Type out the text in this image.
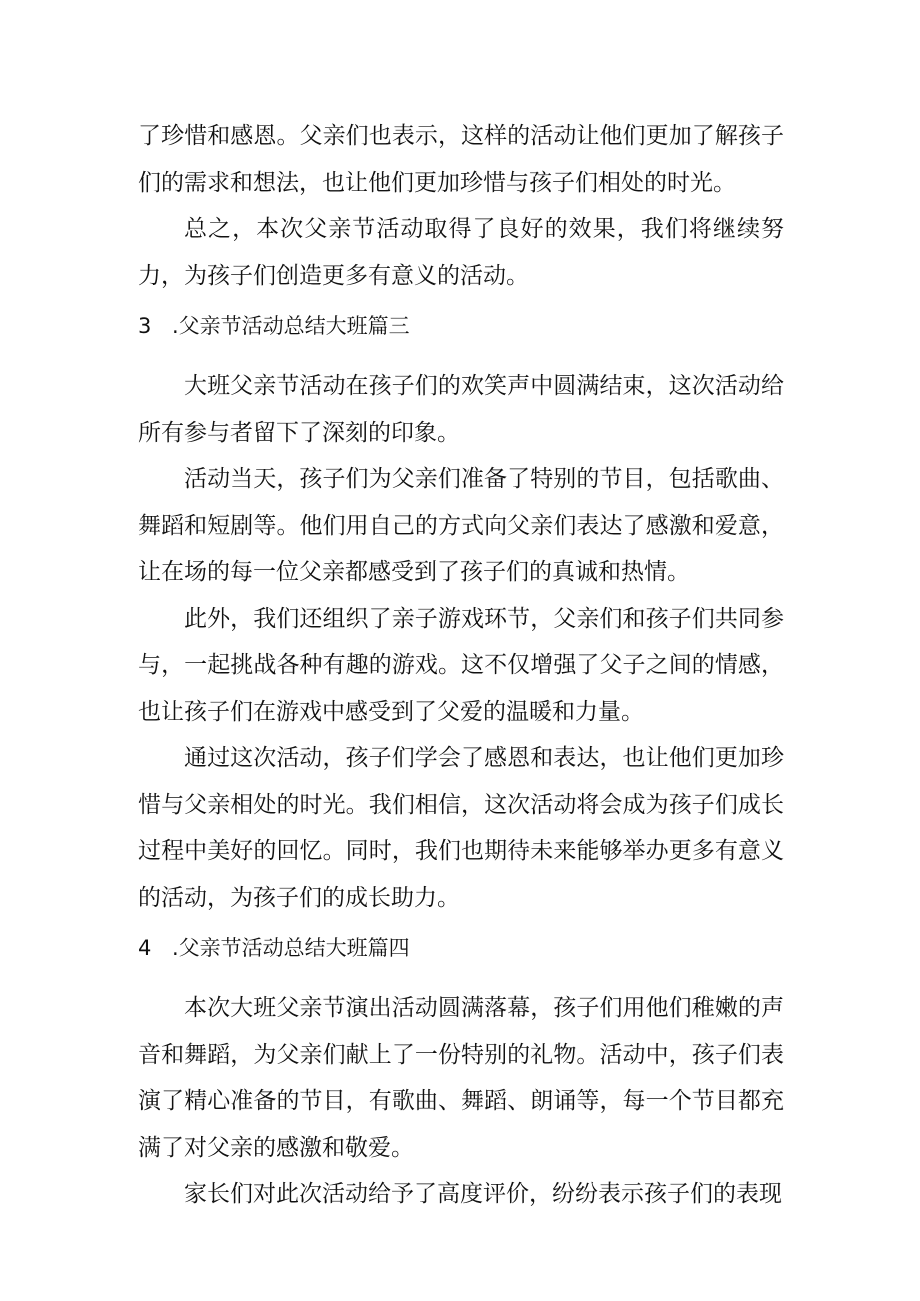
了珍惜和感恩。父亲们也表示，这样的活动让他们更加了解孩子们的需求和想法，也让他们更加珍惜与孩子们相处的时光。

总之，本次父亲节活动取得了良好的效果，我们将继续努力，为孩子们创造更多有意义的活动。

3 .父亲节活动总结大班篇三

大班父亲节活动在孩子们的欢笑声中圆满结束，这次活动给所有参与者留下了深刻的印象。

活动当天，孩子们为父亲们准备了特别的节目，包括歌曲、舞蹈和短剧等。他们用自己的方式向父亲们表达了感激和爱意，让在场的每一位父亲都感受到了孩子们的真诚和热情。

此外，我们还组织了亲子游戏环节，父亲们和孩子们共同参与，一起挑战各种有趣的游戏。这不仅增强了父子之间的情感，也让孩子们在游戏中感受到了父爱的温暖和力量。

通过这次活动，孩子们学会了感恩和表达，也让他们更加珍惜与父亲相处的时光。我们相信，这次活动将会成为孩子们成长过程中美好的回忆。同时，我们也期待未来能够举办更多有意义的活动，为孩子们的成长助力。

4 .父亲节活动总结大班篇四

本次大班父亲节演出活动圆满落幕，孩子们用他们稚嫩的声音和舞蹈，为父亲们献上了一份特别的礼物。活动中，孩子们表演了精心准备的节目，有歌曲、舞蹈、朗诵等，每一个节目都充满了对父亲的感激和敬爱。

家长们对此次活动给予了高度评价，纷纷表示孩子们的表现
